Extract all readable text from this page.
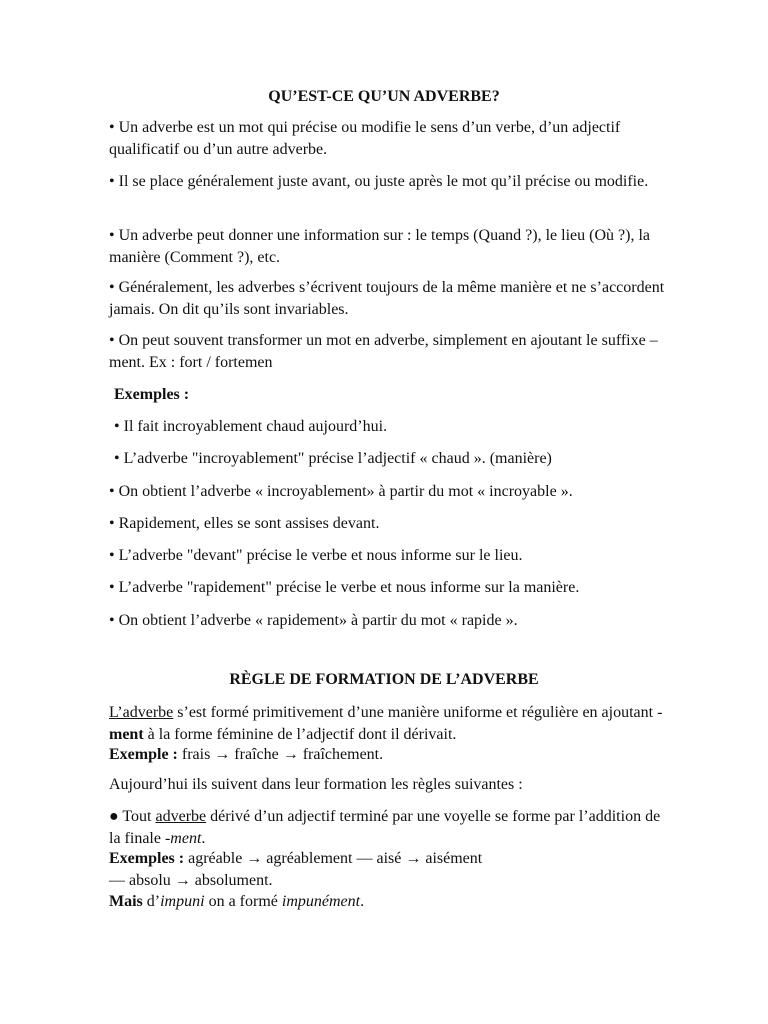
QU’EST-CE QU’UN ADVERBE?

• Un adverbe est un mot qui précise ou modifie le sens d’un verbe, d’un adjectif qualificatif ou d’un autre adverbe.

• Il se place généralement juste avant, ou juste après le mot qu’il précise ou modifie.

• Un adverbe peut donner une information sur : le temps (Quand ?), le lieu (Où ?), la manière (Comment ?), etc.

• Généralement, les adverbes s’écrivent toujours de la même manière et ne s’accordent jamais. On dit qu’ils sont invariables.

• On peut souvent transformer un mot en adverbe, simplement en ajoutant le suffixe –ment. Ex : fort / fortemen

Exemples :

• Il fait incroyablement chaud aujourd’hui.

• L’adverbe "incroyablement" précise l’adjectif « chaud ». (manière)

• On obtient l’adverbe « incroyablement» à partir du mot « incroyable ».

• Rapidement, elles se sont assises devant.

• L’adverbe "devant" précise le verbe et nous informe sur le lieu.

• L’adverbe "rapidement" précise le verbe et nous informe sur la manière.

• On obtient l’adverbe « rapidement» à partir du mot « rapide ».

RÈGLE DE FORMATION DE L’ADVERBE

L’adverbe s’est formé primitivement d’une manière uniforme et régulière en ajoutant -ment à la forme féminine de l’adjectif dont il dérivait.

Exemple : frais → fraîche → fraîchement.

Aujourd’hui ils suivent dans leur formation les règles suivantes :

● Tout adverbe dérivé d’un adjectif terminé par une voyelle se forme par l’addition de la finale -ment.

Exemples : agréable → agréablement — aisé → aisément

— absolu → absolument.

Mais d’impuni on a formé impunément.
